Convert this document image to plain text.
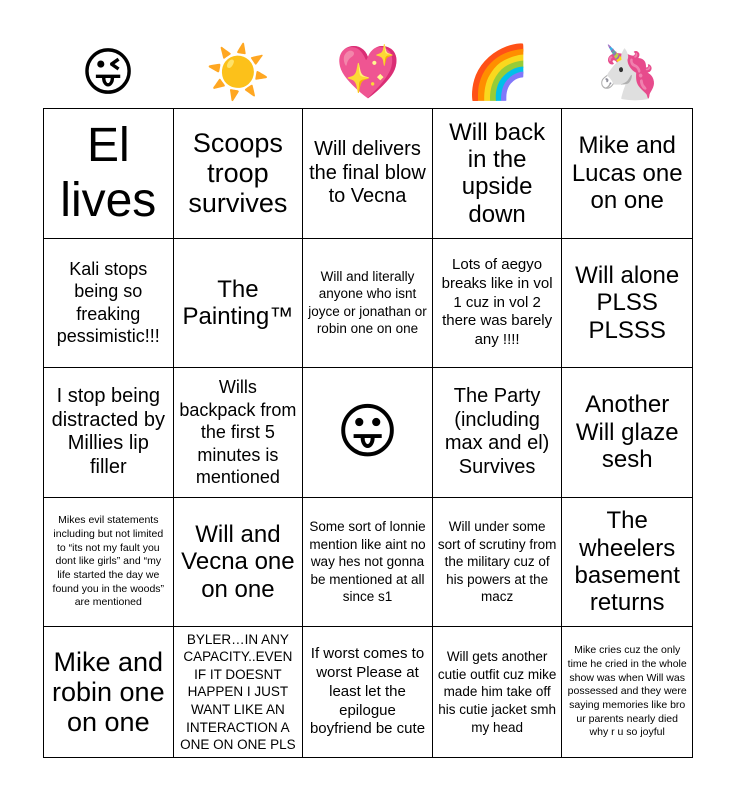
😜	☀️	💖	🌈	🦄
El lives
Scoops troop survives
Will delivers the final blow to Vecna
Will back in the upside down
Mike and Lucas one on one
Kali stops being so freaking pessimistic!!!
The Painting™
Will and literally anyone who isnt joyce or jonathan or robin one on one
Lots of aegyo breaks like in vol 1 cuz in vol 2 there was barely any !!!!
Will alone PLSS PLSSS
I stop being distracted by Millies lip filler
Wills backpack from the first 5 minutes is mentioned
😛
The Party (including max and el) Survives
Another Will glaze sesh
Mikes evil statements including but not limited to “its not my fault you dont like girls” and “my life started the day we found you in the woods” are mentioned
Will and Vecna one on one
Some sort of lonnie mention like aint no way hes not gonna be mentioned at all since s1
Will under some sort of scrutiny from the military cuz of his powers at the macz
The wheelers basement returns
Mike and robin one on one
BYLER…IN ANY CAPACITY..EVEN IF IT DOESNT HAPPEN I JUST WANT LIKE AN INTERACTION A ONE ON ONE PLS
If worst comes to worst Please at least let the epilogue boyfriend be cute
Will gets another cutie outfit cuz mike made him take off his cutie jacket smh my head
Mike cries cuz the only time he cried in the whole show was when Will was possessed and they were saying memories like bro ur parents nearly died why r u so joyful
